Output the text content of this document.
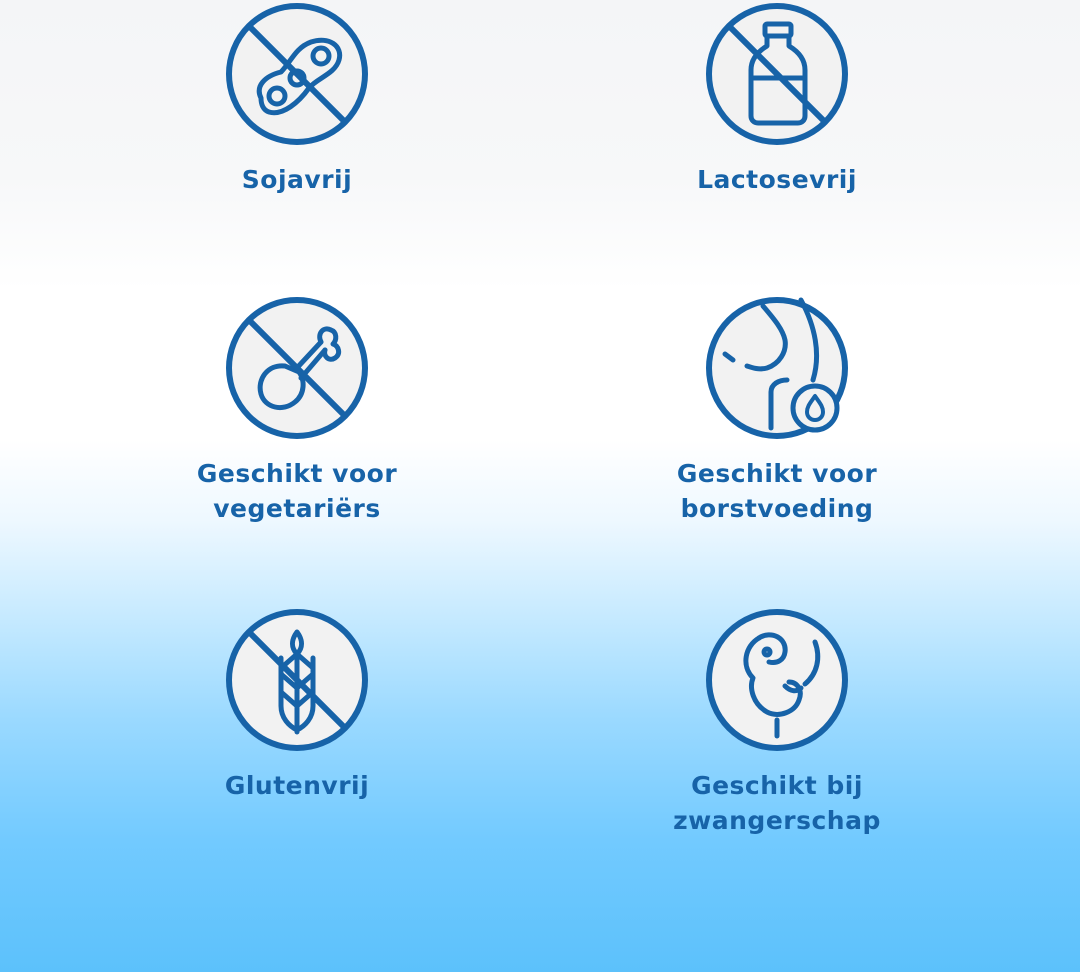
Sojavrij	Lactosevrij
Geschikt voor
vegetariërs
Geschikt voor
borstvoeding
Glutenvrij	Geschikt bij
zwangerschap
